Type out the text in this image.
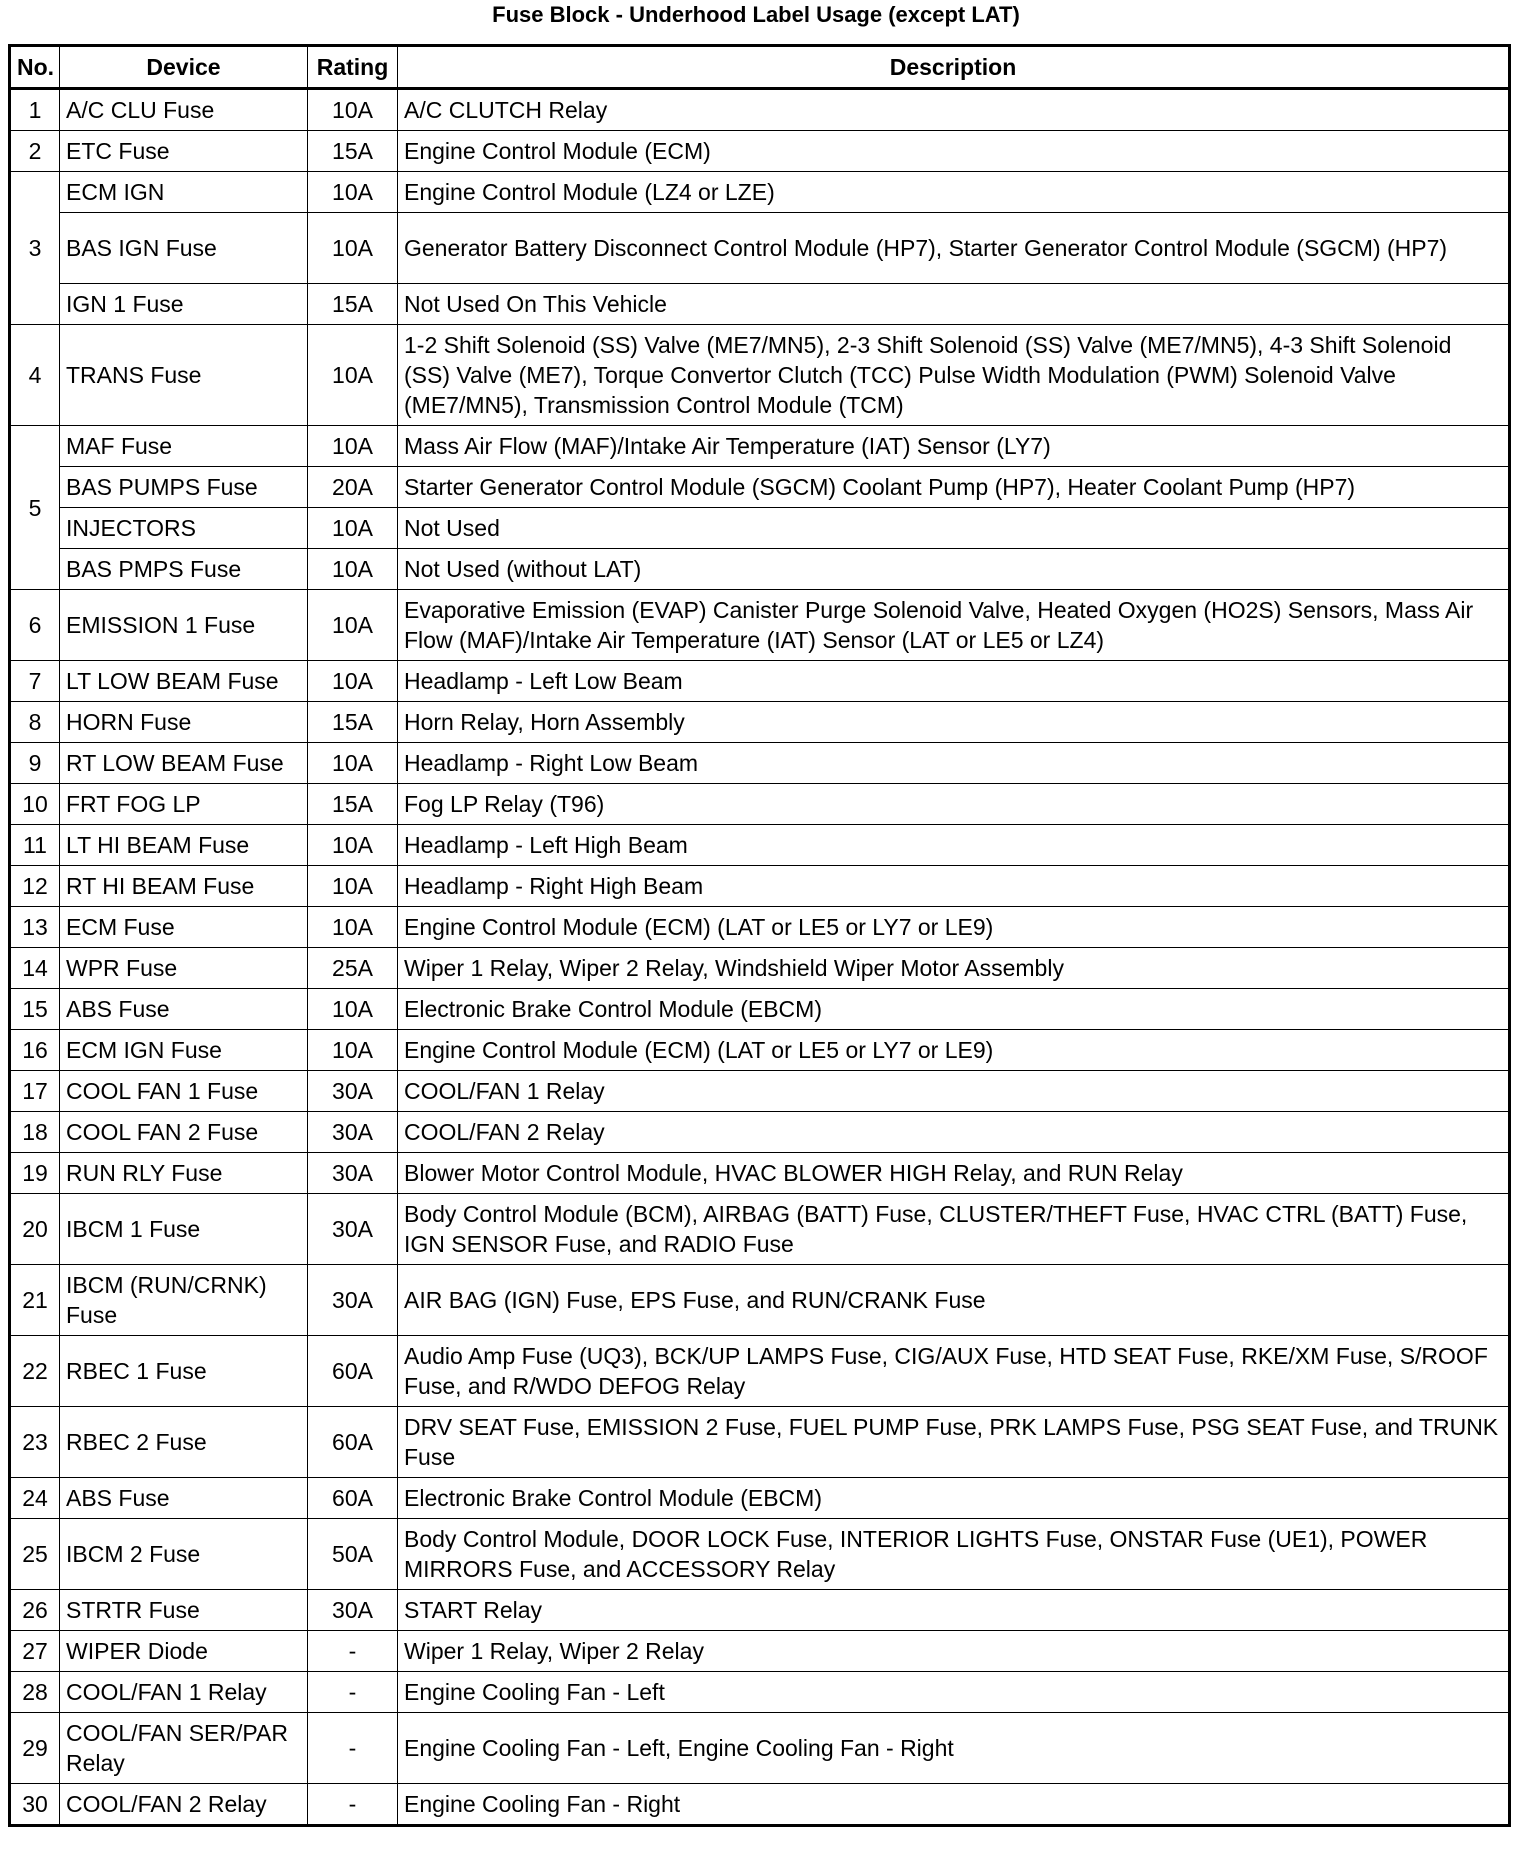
Fuse Block - Underhood Label Usage (except LAT)
No.	Device	Rating	Description
1	A/C CLU Fuse	10A	A/C CLUTCH Relay
2	ETC Fuse	15A	Engine Control Module (ECM)
3	ECM IGN	10A	Engine Control Module (LZ4 or LZE)
	BAS IGN Fuse	10A	Generator Battery Disconnect Control Module (HP7), Starter Generator Control Module (SGCM) (HP7)
	IGN 1 Fuse	15A	Not Used On This Vehicle
4	TRANS Fuse	10A	1-2 Shift Solenoid (SS) Valve (ME7/MN5), 2-3 Shift Solenoid (SS) Valve (ME7/MN5), 4-3 Shift Solenoid (SS) Valve (ME7), Torque Convertor Clutch (TCC) Pulse Width Modulation (PWM) Solenoid Valve (ME7/MN5), Transmission Control Module (TCM)
5	MAF Fuse	10A	Mass Air Flow (MAF)/Intake Air Temperature (IAT) Sensor (LY7)
	BAS PUMPS Fuse	20A	Starter Generator Control Module (SGCM) Coolant Pump (HP7), Heater Coolant Pump (HP7)
	INJECTORS	10A	Not Used
	BAS PMPS Fuse	10A	Not Used (without LAT)
6	EMISSION 1 Fuse	10A	Evaporative Emission (EVAP) Canister Purge Solenoid Valve, Heated Oxygen (HO2S) Sensors, Mass Air Flow (MAF)/Intake Air Temperature (IAT) Sensor (LAT or LE5 or LZ4)
7	LT LOW BEAM Fuse	10A	Headlamp - Left Low Beam
8	HORN Fuse	15A	Horn Relay, Horn Assembly
9	RT LOW BEAM Fuse	10A	Headlamp - Right Low Beam
10	FRT FOG LP	15A	Fog LP Relay (T96)
11	LT HI BEAM Fuse	10A	Headlamp - Left High Beam
12	RT HI BEAM Fuse	10A	Headlamp - Right High Beam
13	ECM Fuse	10A	Engine Control Module (ECM) (LAT or LE5 or LY7 or LE9)
14	WPR Fuse	25A	Wiper 1 Relay, Wiper 2 Relay, Windshield Wiper Motor Assembly
15	ABS Fuse	10A	Electronic Brake Control Module (EBCM)
16	ECM IGN Fuse	10A	Engine Control Module (ECM) (LAT or LE5 or LY7 or LE9)
17	COOL FAN 1 Fuse	30A	COOL/FAN 1 Relay
18	COOL FAN 2 Fuse	30A	COOL/FAN 2 Relay
19	RUN RLY Fuse	30A	Blower Motor Control Module, HVAC BLOWER HIGH Relay, and RUN Relay
20	IBCM 1 Fuse	30A	Body Control Module (BCM), AIRBAG (BATT) Fuse, CLUSTER/THEFT Fuse, HVAC CTRL (BATT) Fuse, IGN SENSOR Fuse, and RADIO Fuse
21	IBCM (RUN/CRNK) Fuse	30A	AIR BAG (IGN) Fuse, EPS Fuse, and RUN/CRANK Fuse
22	RBEC 1 Fuse	60A	Audio Amp Fuse (UQ3), BCK/UP LAMPS Fuse, CIG/AUX Fuse, HTD SEAT Fuse, RKE/XM Fuse, S/ROOF Fuse, and R/WDO DEFOG Relay
23	RBEC 2 Fuse	60A	DRV SEAT Fuse, EMISSION 2 Fuse, FUEL PUMP Fuse, PRK LAMPS Fuse, PSG SEAT Fuse, and TRUNK Fuse
24	ABS Fuse	60A	Electronic Brake Control Module (EBCM)
25	IBCM 2 Fuse	50A	Body Control Module, DOOR LOCK Fuse, INTERIOR LIGHTS Fuse, ONSTAR Fuse (UE1), POWER MIRRORS Fuse, and ACCESSORY Relay
26	STRTR Fuse	30A	START Relay
27	WIPER Diode	-	Wiper 1 Relay, Wiper 2 Relay
28	COOL/FAN 1 Relay	-	Engine Cooling Fan - Left
29	COOL/FAN SER/PAR Relay	-	Engine Cooling Fan - Left, Engine Cooling Fan - Right
30	COOL/FAN 2 Relay	-	Engine Cooling Fan - Right
